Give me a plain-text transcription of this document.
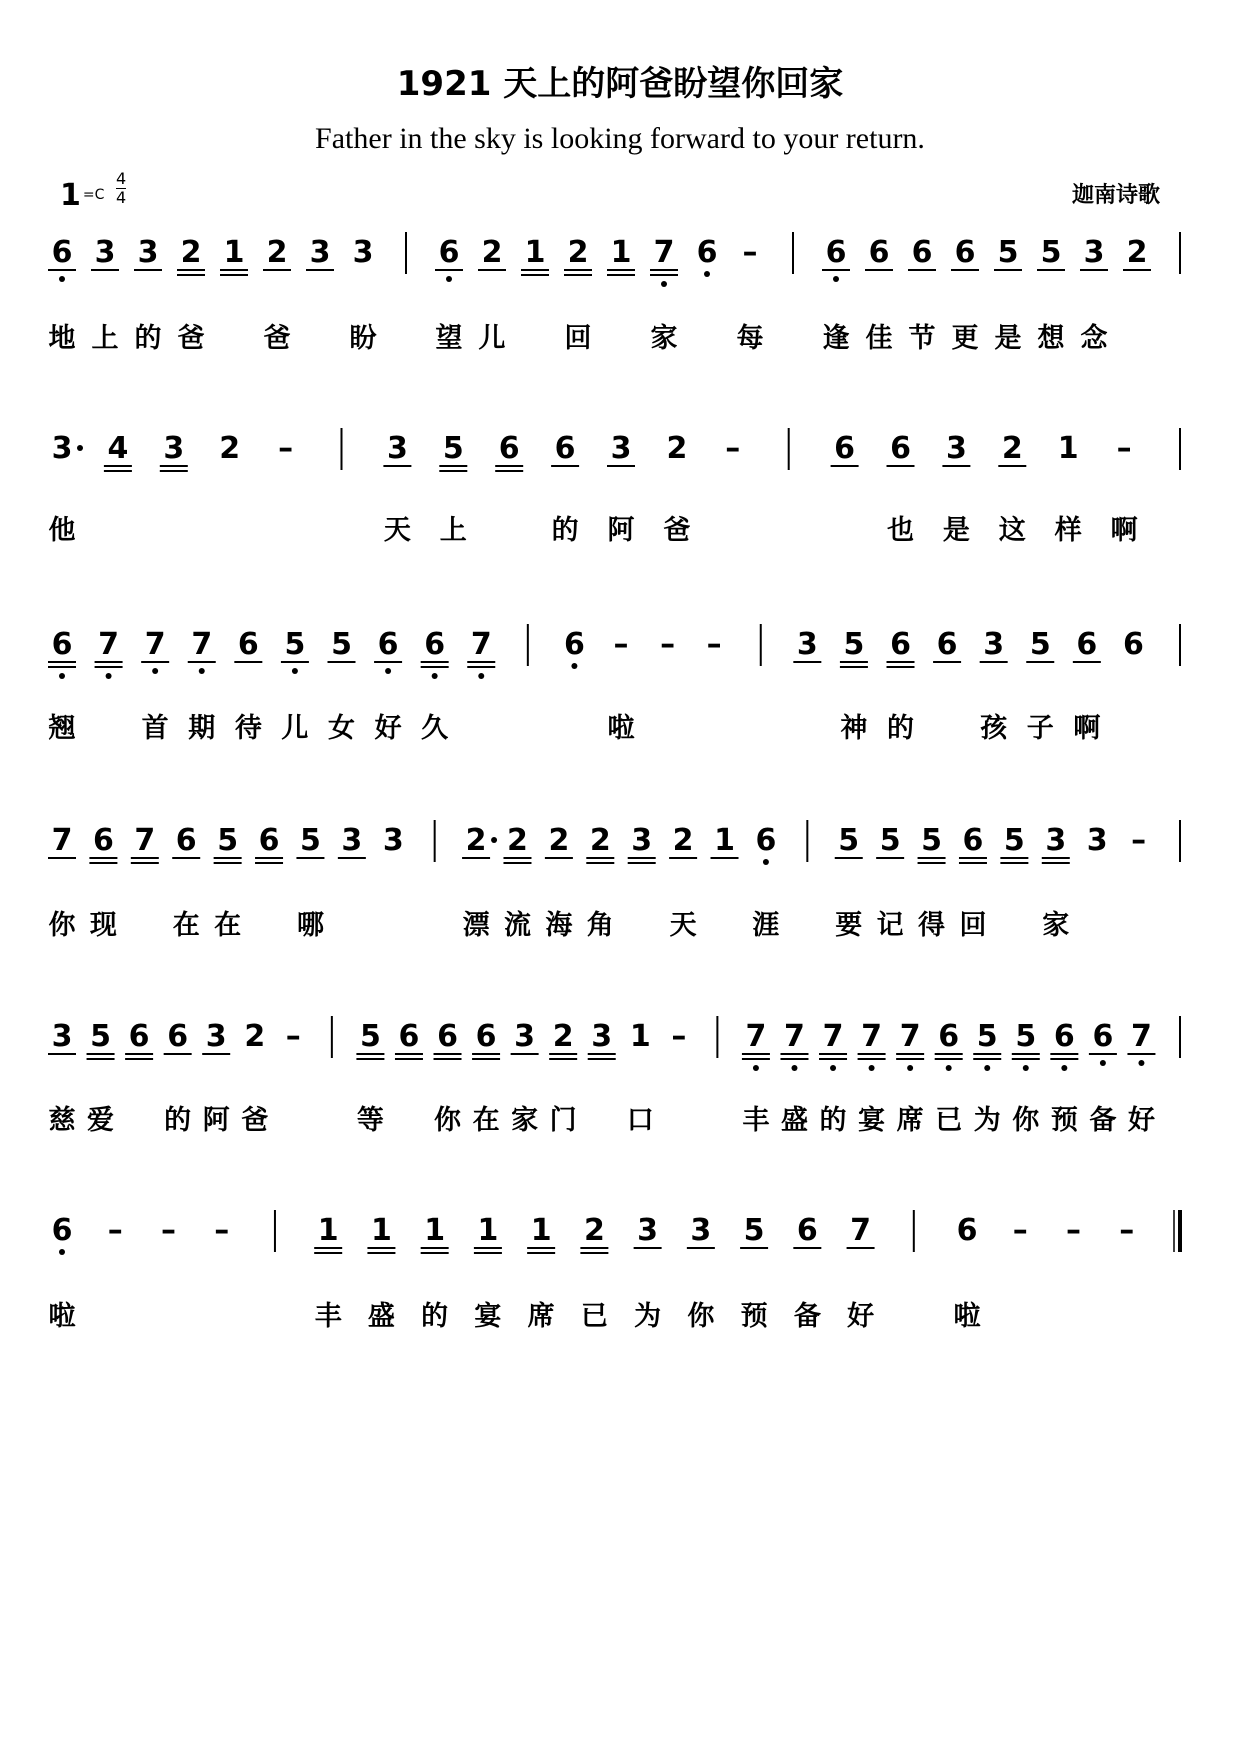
1921 天上的阿爸盼望你回家
Father in the sky is looking forward to your return.
1 =C
4
4	迦南诗歌
6 3 3 2 1 2 3 3 6 2 1 2 1 7 6 – 6 6 6 6 5 5 3 2
3 4 3 2 –	3 5 6 6 3 2 –	6 6 3 2 1 –
6 7 7 7 6 5 5 6 6 7 6 – – –	3 5 6 6 3 5 6 6
7 6 7 6 5 6 5 3 3 2 2 2 2 3 2 1 6 5 5 5 6 5 3 3 –
3 5 6 6 3 2 – 5 6 6 6 3 2 3 1 – 7 7 7 7 7 6 5 5 6 6 7
6 – – –	1 1 1 1 1 2 3 3 5 6 7	6 – – –
地 上 的 爸 爸 盼 望 儿 回 家 每 逢 佳 节 更 是 想 念
他	天 上	的 阿 爸	也 是 这 样 啊
翘 首 期 待 儿 女 好 久	啦	神 的 孩 子 啊
你 现 在 在 哪	漂 流 海 角 天 涯 要 记 得 回 家
慈 爱 的 阿 爸	等 你 在 家 门 口	丰 盛 的 宴 席 已 为 你 预 备 好
啦	丰 盛 的 宴 席 已 为 你 预 备 好	啦
